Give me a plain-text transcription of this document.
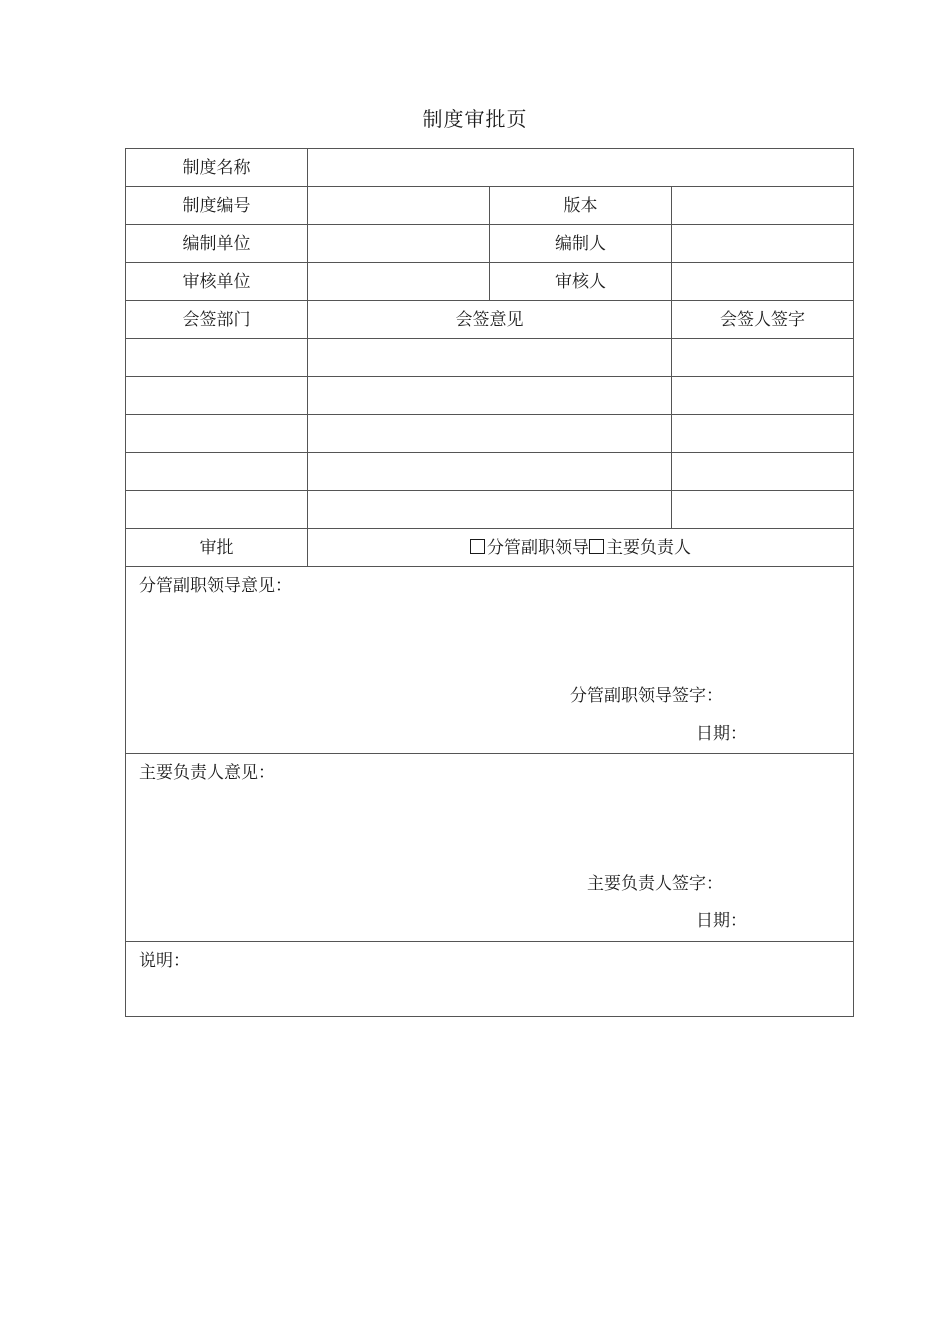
制度审批页
制度名称			
制度编号		版本	
编制单位		编制人	
审核单位		审核人	
会签部门	会签意见		会签人签字

审批	分管副职领导 主要负责人		

分管副职领导意见：
分管副职领导签字：
日期：			

主要负责人意见：
主要负责人签字：
日期：			

说明：			
